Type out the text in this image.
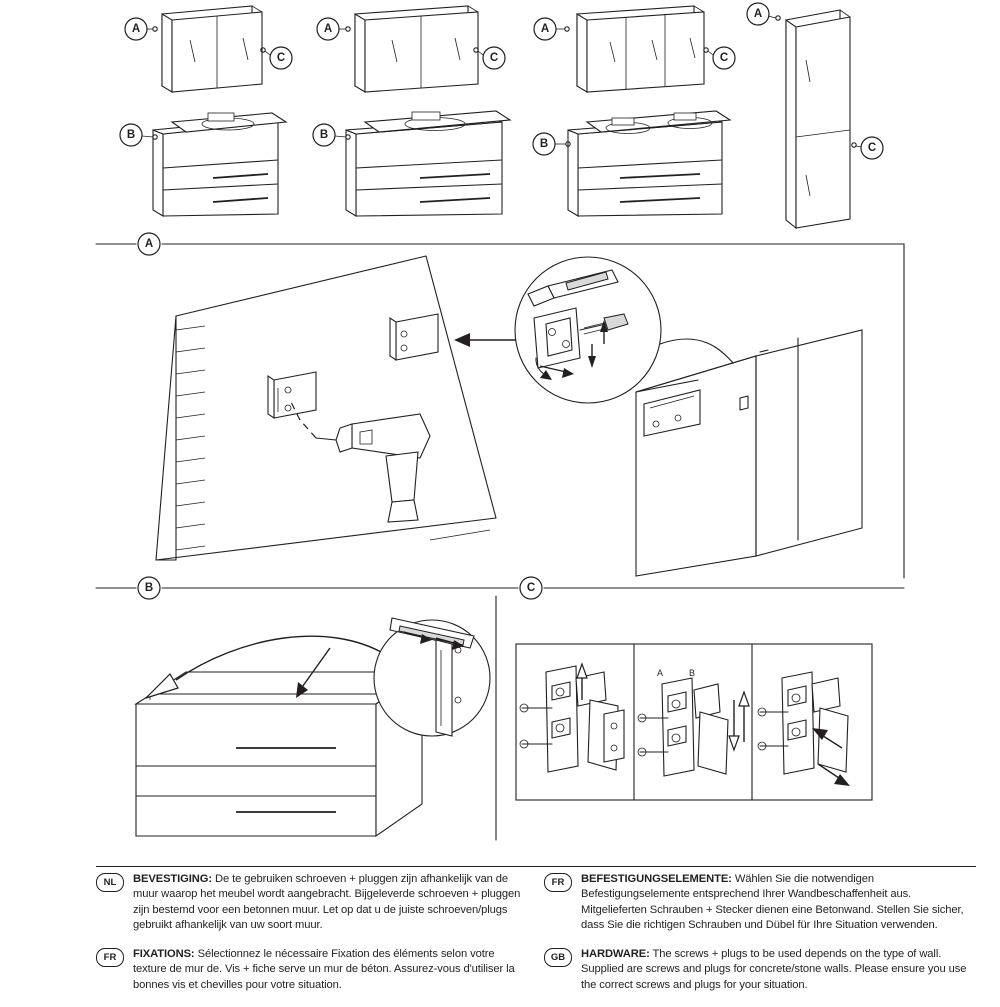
A
C
B
A
C
B
A
C
B
A
C
A
B	C
A	B
NL	BEVESTIGING: De te gebruiken schroeven + pluggen zijn afhankelijk van de muur waarop het meubel wordt aangebracht. Bijgeleverde schroeven + pluggen zijn bestemd voor een betonnen muur. Let op dat u de juiste schroeven/plugs gebruikt afhankelijk van uw soort muur.
FR	BEFESTIGUNGSELEMENTE: Wählen Sie die notwendigen Befestigungselemente entsprechend Ihrer Wandbeschaffenheit aus. Mitgelieferten Schrauben + Stecker dienen eine Betonwand. Stellen Sie sicher, dass Sie die richtigen Schrauben und Dübel für Ihre Situation verwenden.
FR	FIXATIONS: Sélectionnez le nécessaire Fixation des éléments selon votre texture de mur de. Vis + fiche serve un mur de béton. Assurez-vous d'utiliser la bonnes vis et chevilles pour votre situation.
GB	HARDWARE: The screws + plugs to be used depends on the type of wall. Supplied are screws and plugs for concrete/stone walls. Please ensure you use the correct screws and plugs for your situation.
